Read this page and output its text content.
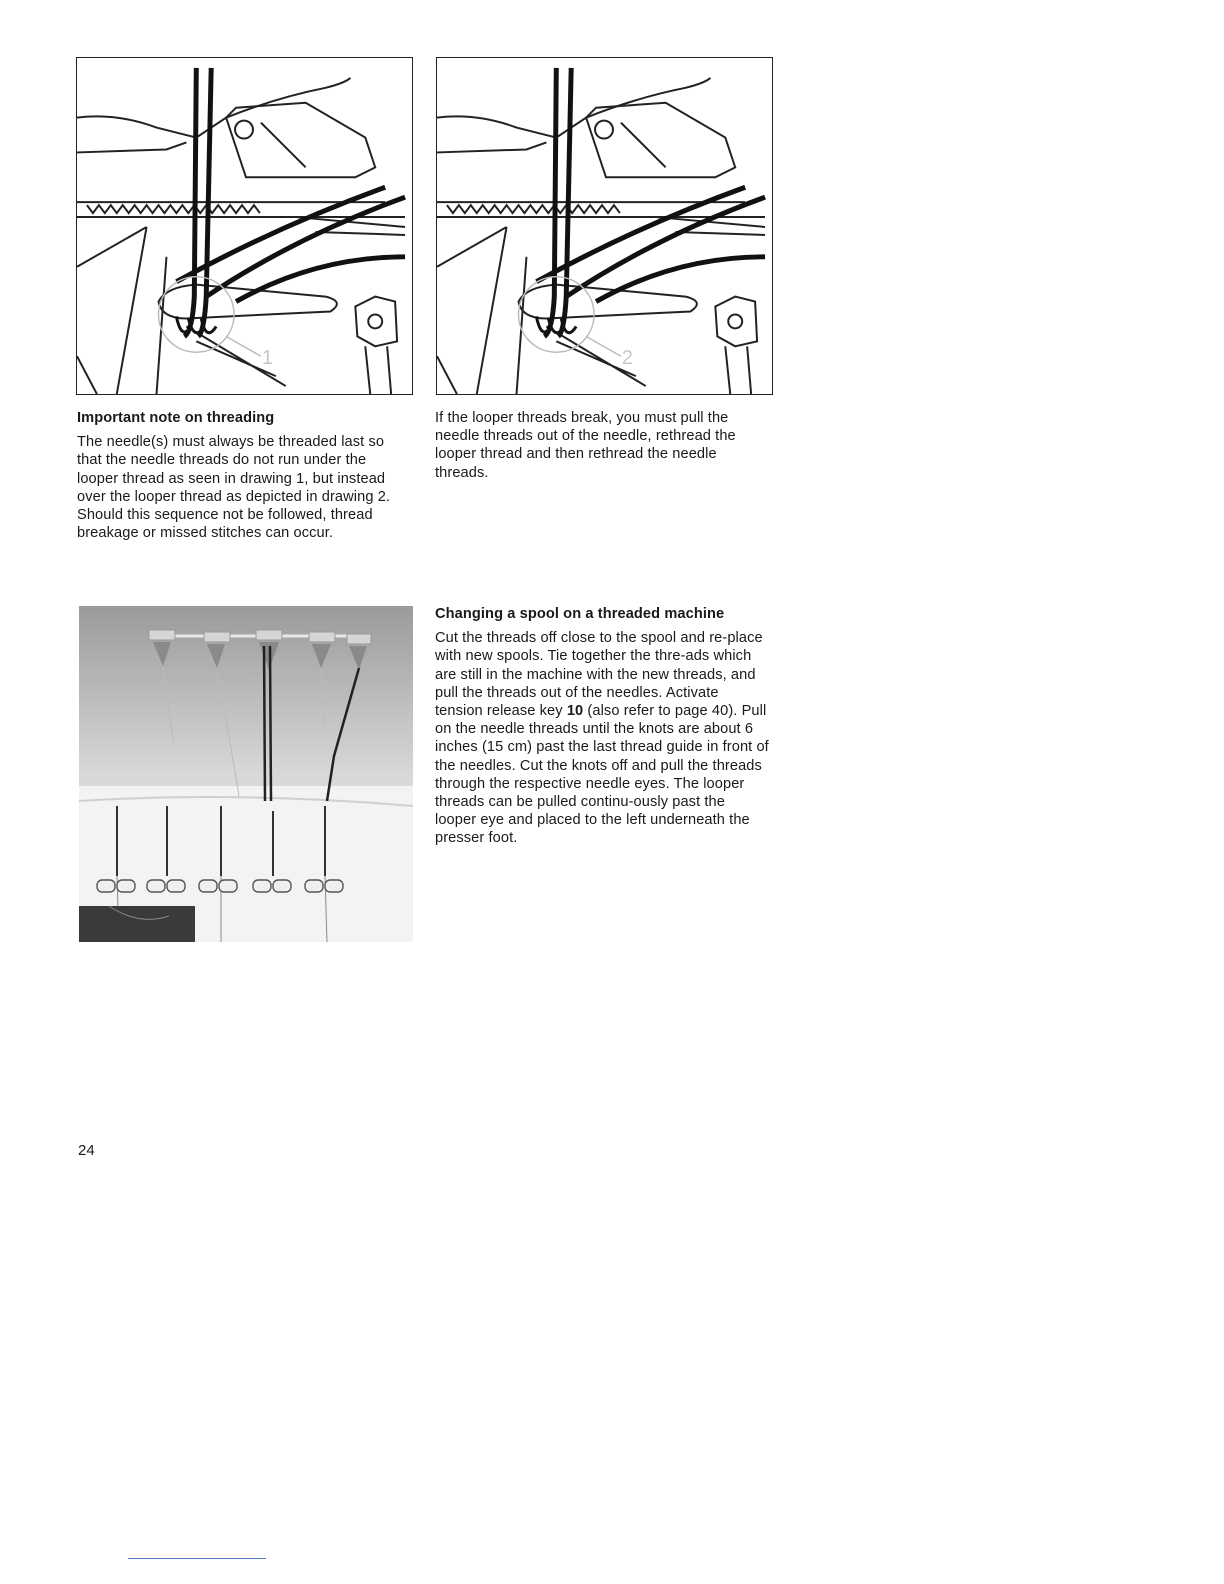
1	2
Important note on threading

The needle(s) must always be threaded last so that the needle threads do not run under the looper thread as seen in drawing 1, but instead over the looper thread as depicted in drawing 2. Should this sequence not be followed, thread breakage or missed stitches can occur.

If the looper threads break, you must pull the needle threads out of the needle, rethread the looper thread and then rethread the needle threads.

Changing a spool on a threaded machine

Cut the threads off close to the spool and re-place with new spools. Tie together the thre-ads which are still in the machine with the new threads, and pull the threads out of the needles. Activate tension release key 10 (also refer to page 40). Pull on the needle threads until the knots are about 6 inches (15 cm) past the last thread guide in front of the needles. Cut the knots off and pull the threads through the respective needle eyes. The looper threads can be pulled continu-ously past the looper eye and placed to the left underneath the presser foot.

24
